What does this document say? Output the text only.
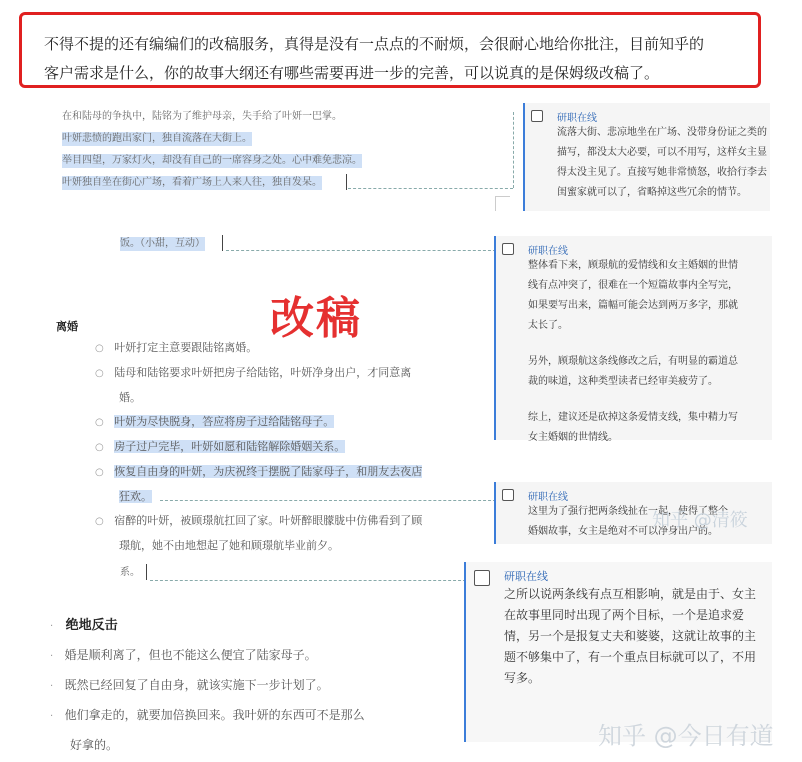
不得不提的还有编编们的改稿服务，真得是没有一点点的不耐烦，会很耐心地给你批注，目前知乎的
客户需求是什么，你的故事大纲还有哪些需要再进一步的完善，可以说真的是保姆级改稿了。
在和陆母的争执中，陆铭为了维护母亲，失手给了叶妍一巴掌。
叶妍悲愤的跑出家门，独自流落在大街上。
举目四望，万家灯火，却没有自己的一席容身之处。心中难免悲凉。
叶妍独自坐在街心广场，看着广场上人来人往，独自发呆。
研职在线
流落大街、悲凉地坐在广场、没带身份证之类的
描写，都没太大必要，可以不用写，这样女主显
得太没主见了。直接写她非常愤怒，收拾行李去
闺蜜家就可以了，省略掉这些冗余的情节。
饭。（小甜，互动）
改稿
离婚
○ 叶妍打定主意要跟陆铭离婚。
○ 陆母和陆铭要求叶妍把房子给陆铭，叶妍净身出户，才同意离
婚。
○ 叶妍为尽快脱身，答应将房子过给陆铭母子。
○ 房子过户完毕，叶妍如愿和陆铭解除婚姻关系。
○ 恢复自由身的叶妍，为庆祝终于摆脱了陆家母子，和朋友去夜店
狂欢。
○ 宿醉的叶妍，被顾璟航扛回了家。叶妍醉眼朦胧中仿佛看到了顾
璟航，她不由地想起了她和顾璟航毕业前夕。
研职在线
整体看下来，顾璟航的爱情线和女主婚姻的世情
线有点冲突了，很难在一个短篇故事内全写完，
如果要写出来，篇幅可能会达到两万多字，那就
太长了。
另外，顾璟航这条线修改之后，有明显的霸道总
裁的味道，这种类型读者已经审美疲劳了。
综上，建议还是砍掉这条爱情支线，集中精力写
女主婚姻的世情线。
研职在线
这里为了强行把两条线扯在一起，使得了整个
婚姻故事，女主是绝对不可以净身出户的。
知乎 @清筱
系。	研职在线
之所以说两条线有点互相影响，就是由于、女主
在故事里同时出现了两个目标，一个是追求爱
情，另一个是报复丈夫和婆婆，这就让故事的主
题不够集中了，有一个重点目标就可以了，不用
写多。
· 绝地反击
· 婚是顺利离了，但也不能这么便宜了陆家母子。
· 既然已经回复了自由身，就该实施下一步计划了。
· 他们拿走的，就要加倍换回来。我叶妍的东西可不是那么
好拿的。	知乎 @今日有道
